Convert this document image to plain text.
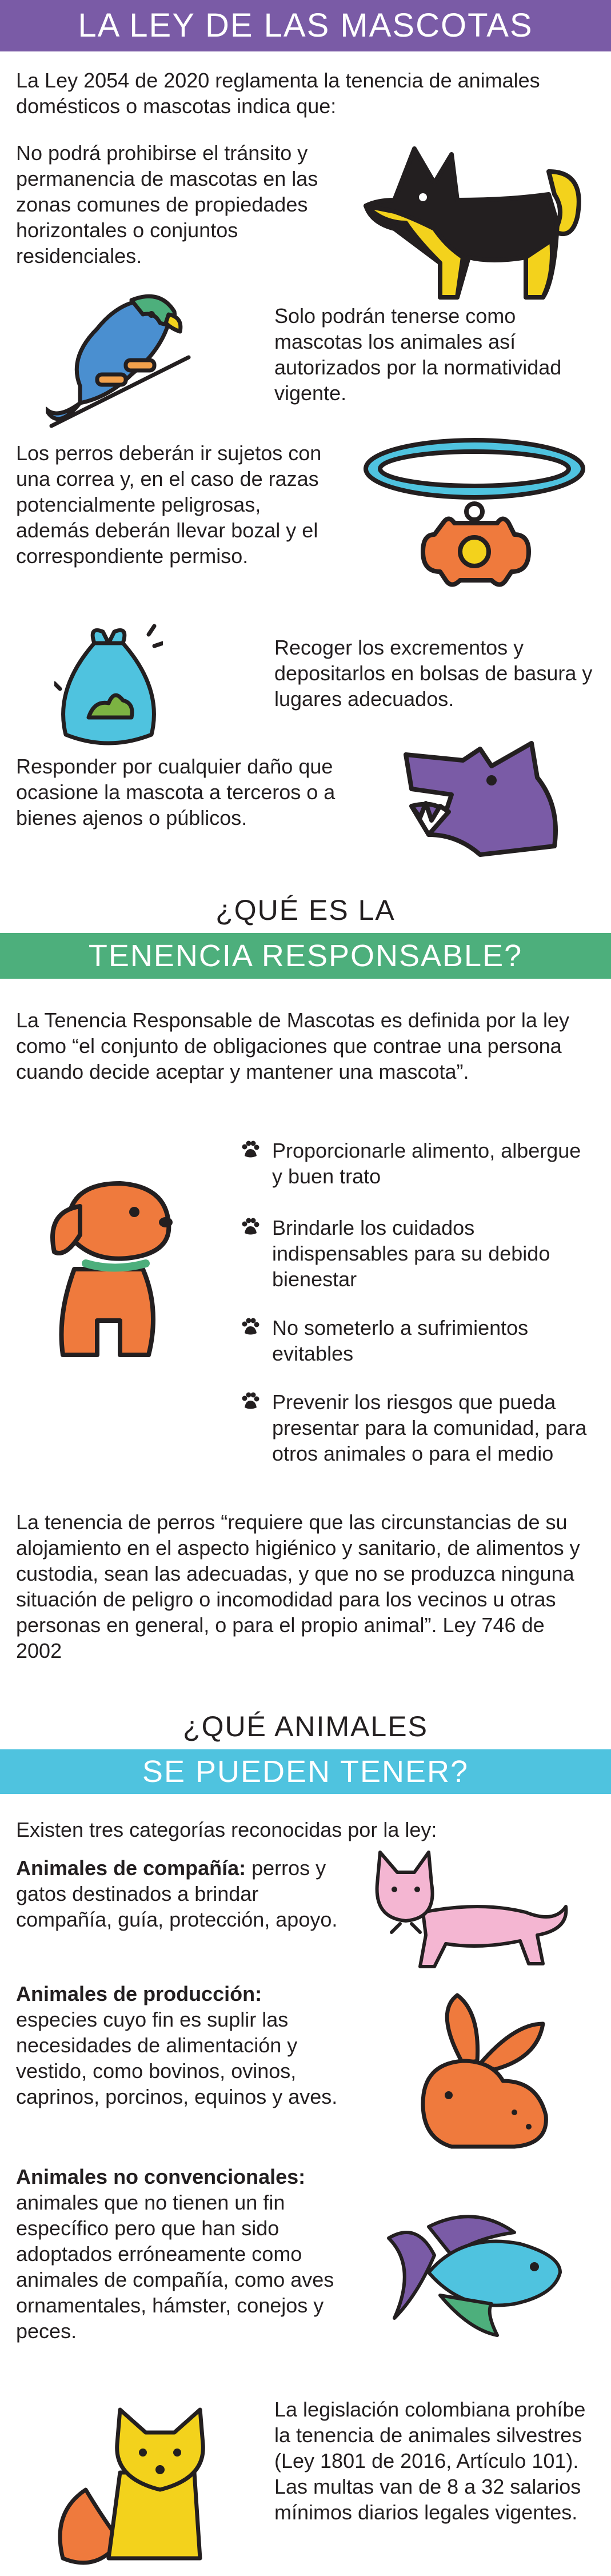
LA LEY DE LAS MASCOTAS
La Ley 2054 de 2020 reglamenta la tenencia de animales domésticos o mascotas indica que:
No podrá prohibirse el tránsito y permanencia de mascotas en las zonas comunes de propiedades horizontales o conjuntos residenciales.
Solo podrán tenerse como mascotas los animales así autorizados por la normatividad vigente.
Los perros deberán ir sujetos con una correa y, en el caso de razas potencialmente peligrosas, además deberán llevar bozal y el correspondiente permiso.
Recoger los excrementos y depositarlos en bolsas de basura y lugares adecuados.
Responder por cualquier daño que ocasione la mascota a terceros o a bienes ajenos o públicos.
¿QUÉ ES LA
TENENCIA RESPONSABLE?
La Tenencia Responsable de Mascotas es definida por la ley como “el conjunto de obligaciones que contrae una persona cuando decide aceptar y mantener una mascota”.
Proporcionarle alimento, albergue y buen trato
Brindarle los cuidados indispensables para su debido bienestar
No someterlo a sufrimientos evitables
Prevenir los riesgos que pueda presentar para la comunidad, para otros animales o para el medio
La tenencia de perros “requiere que las circunstancias de su alojamiento en el aspecto higiénico y sanitario, de alimentos y custodia, sean las adecuadas, y que no se produzca ninguna situación de peligro o incomodidad para los vecinos u otras personas en general, o para el propio animal”. Ley 746 de 2002
¿QUÉ ANIMALES
SE PUEDEN TENER?
Existen tres categorías reconocidas por la ley:
Animales de compañía: perros y gatos destinados a brindar compañía, guía, protección, apoyo.
Animales de producción: especies cuyo fin es suplir las necesidades de alimentación y vestido, como bovinos, ovinos, caprinos, porcinos, equinos y aves.
Animales no convencionales: animales que no tienen un fin específico pero que han sido adoptados erróneamente como animales de compañía, como aves ornamentales, hámster, conejos y peces.
La legislación colombiana prohíbe la tenencia de animales silvestres (Ley 1801 de 2016, Artículo 101). Las multas van de 8 a 32 salarios mínimos diarios legales vigentes.
